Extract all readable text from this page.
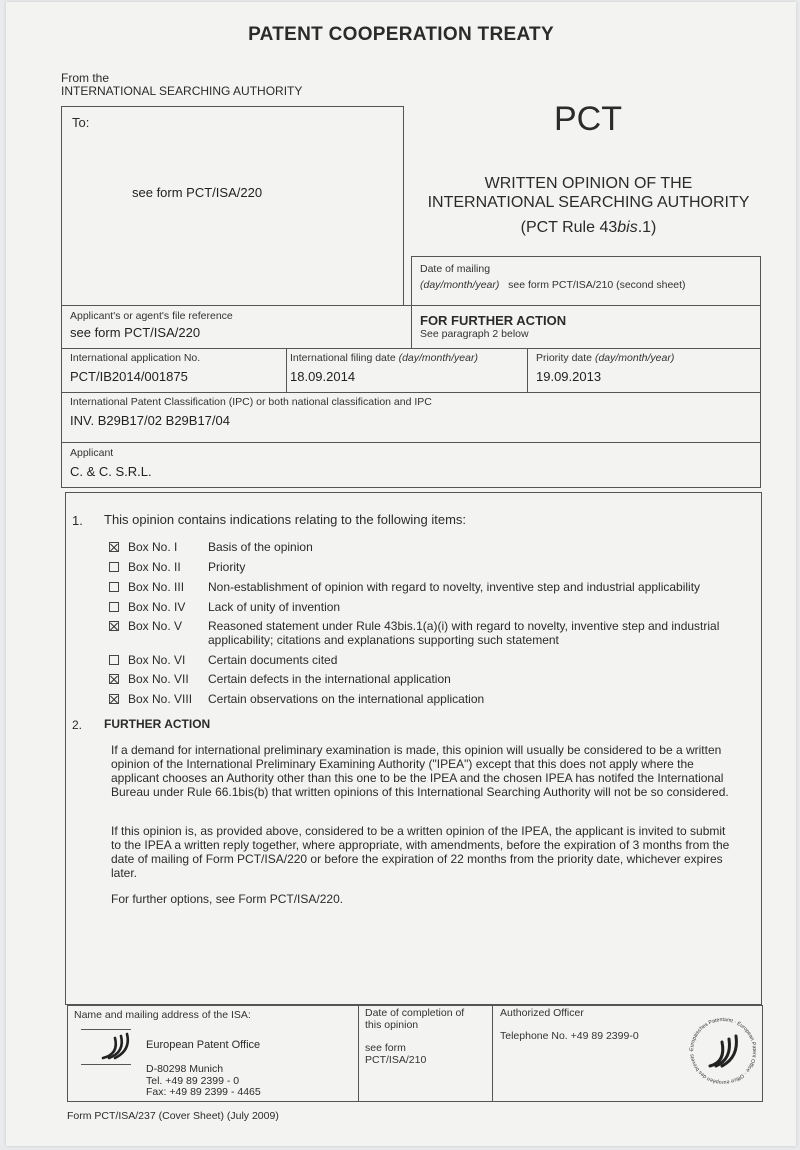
PATENT COOPERATION TREATY
From the
INTERNATIONAL SEARCHING AUTHORITY
PCT
To:
see form PCT/ISA/220
WRITTEN OPINION OF THE
INTERNATIONAL SEARCHING AUTHORITY
(PCT Rule 43bis.1)
Date of mailing
(day/month/year) see form PCT/ISA/210 (second sheet)
Applicant's or agent's file reference
see form PCT/ISA/220
FOR FURTHER ACTION
See paragraph 2 below
International application No.
PCT/IB2014/001875
International filing date (day/month/year)
18.09.2014
Priority date (day/month/year)
19.09.2013
International Patent Classification (IPC) or both national classification and IPC
INV. B29B17/02 B29B17/04
Applicant
C. & C. S.R.L.
1. This opinion contains indications relating to the following items:
Box No. I	Basis of the opinion
Box No. II	Priority
Box No. III	Non-establishment of opinion with regard to novelty, inventive step and industrial applicability
Box No. IV	Lack of unity of invention
Box No. V	Reasoned statement under Rule 43bis.1(a)(i) with regard to novelty, inventive step and industrial applicability; citations and explanations supporting such statement
Box No. VI	Certain documents cited
Box No. VII	Certain defects in the international application
Box No. VIII	Certain observations on the international application
2. FURTHER ACTION
If a demand for international preliminary examination is made, this opinion will usually be considered to be a written opinion of the International Preliminary Examining Authority ("IPEA") except that this does not apply where the applicant chooses an Authority other than this one to be the IPEA and the chosen IPEA has notifed the International Bureau under Rule 66.1bis(b) that written opinions of this International Searching Authority will not be so considered.
If this opinion is, as provided above, considered to be a written opinion of the IPEA, the applicant is invited to submit to the IPEA a written reply together, where appropriate, with amendments, before the expiration of 3 months from the date of mailing of Form PCT/ISA/220 or before the expiration of 22 months from the priority date, whichever expires later.
For further options, see Form PCT/ISA/220.
Name and mailing address of the ISA:
European Patent Office
D-80298 Munich
Tel. +49 89 2399 - 0
Fax: +49 89 2399 - 4465
Date of completion of
this opinion
see form
PCT/ISA/210
Authorized Officer
Telephone No. +49 89 2399-0
Europäisches Patentamt · European Patent Office · Office européen des brevets ·
Form PCT/ISA/237 (Cover Sheet) (July 2009)
